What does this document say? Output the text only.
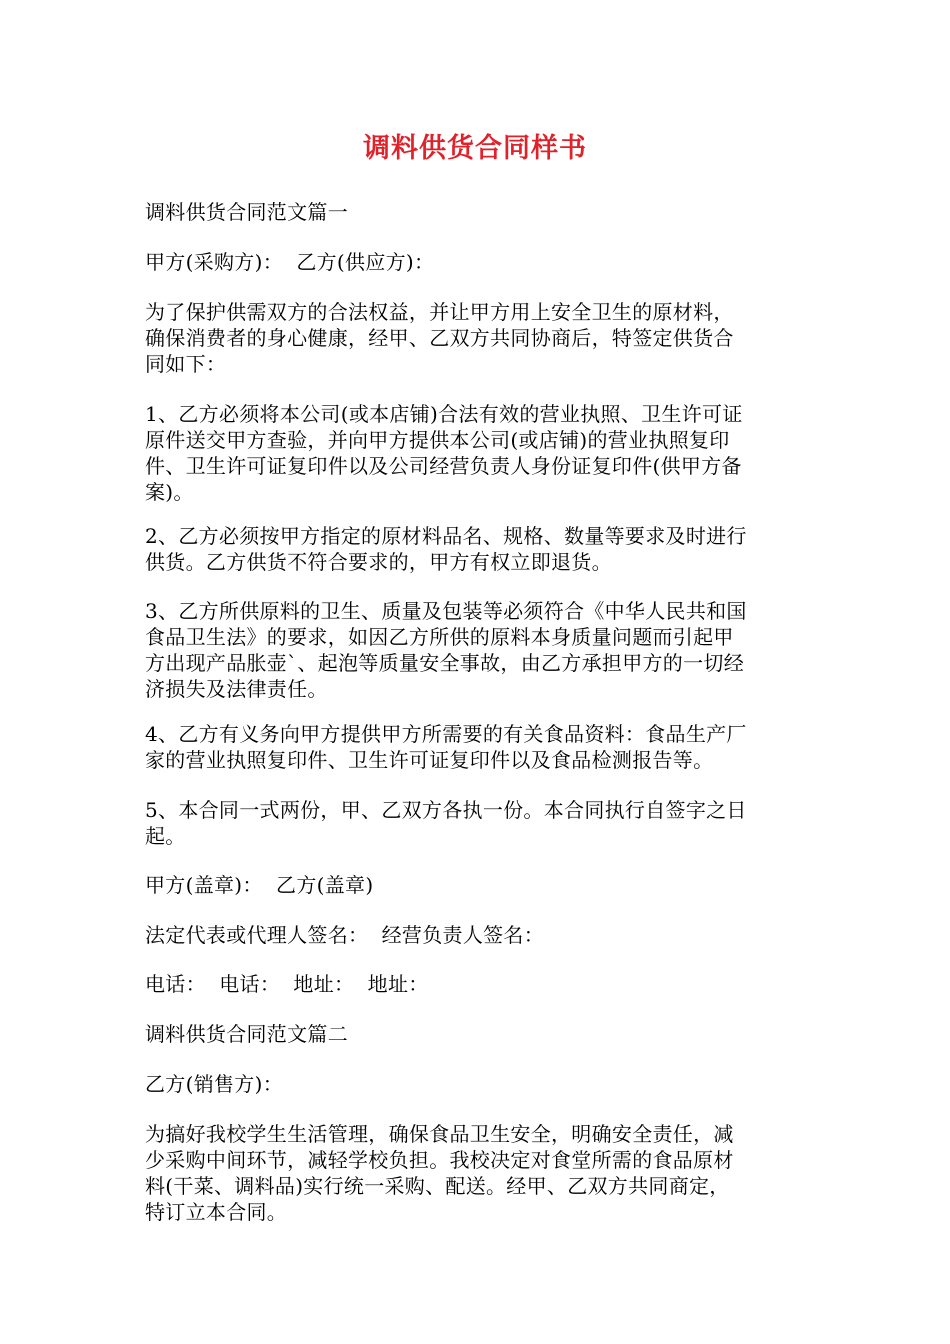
调料供货合同样书

调料供货合同范文篇一

甲方(采购方)：  乙方(供应方)：

为了保护供需双方的合法权益，并让甲方用上安全卫生的原材料，
确保消费者的身心健康，经甲、乙双方共同协商后，特签定供货合
同如下：

1、乙方必须将本公司(或本店铺)合法有效的营业执照、卫生许可证
原件送交甲方查验，并向甲方提供本公司(或店铺)的营业执照复印
件、卫生许可证复印件以及公司经营负责人身份证复印件(供甲方备
案)。

2、乙方必须按甲方指定的原材料品名、规格、数量等要求及时进行
供货。乙方供货不符合要求的，甲方有权立即退货。

3、乙方所供原料的卫生、质量及包装等必须符合《中华人民共和国
食品卫生法》的要求，如因乙方所供的原料本身质量问题而引起甲
方出现产品胀壶`、起泡等质量安全事故，由乙方承担甲方的一切经
济损失及法律责任。

4、乙方有义务向甲方提供甲方所需要的有关食品资料：食品生产厂
家的营业执照复印件、卫生许可证复印件以及食品检测报告等。

5、本合同一式两份，甲、乙双方各执一份。本合同执行自签字之日
起。

甲方(盖章)：  乙方(盖章)

法定代表或代理人签名：  经营负责人签名：

电话：  电话：  地址：  地址：

调料供货合同范文篇二

乙方(销售方)：

为搞好我校学生生活管理，确保食品卫生安全，明确安全责任，减
少采购中间环节，减轻学校负担。我校决定对食堂所需的食品原材
料(干菜、调料品)实行统一采购、配送。经甲、乙双方共同商定，
特订立本合同。
